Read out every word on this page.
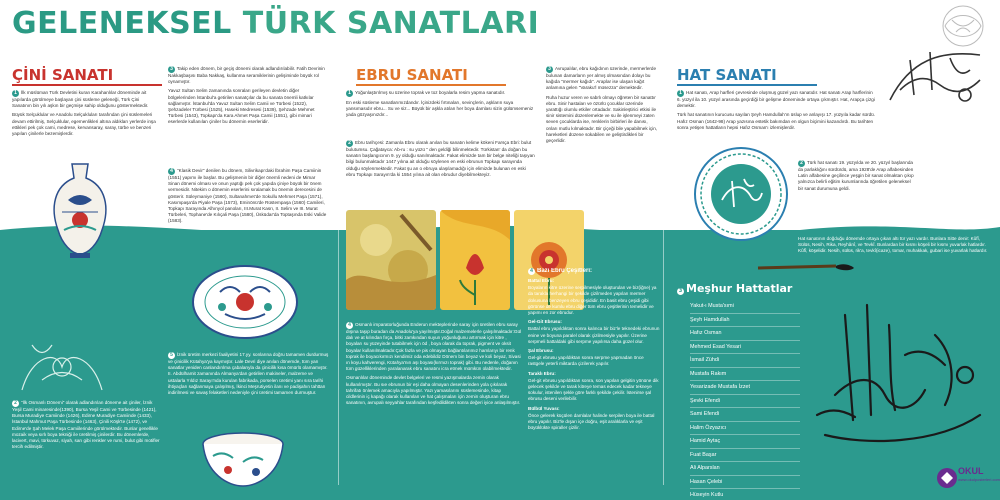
GELENEKSEL TÜRK SANATLARI
ÇİNİ SANATI

1 İlk müslüman Türk Devletini kuran Karahanlılar döneminde ait yapılarda görülmeye başlayan çini süsleme geleneği, Türk Çini Sanatının bin yılı aşkın bir geçmişe sahip olduğunu göstermektedir.

Büyük Selçuklular ve Anadolu Selçukluları tarafından çini süslemeleri devam ettirilmiş, Selçuklular, egemenlikleri altına aldıkları yerlerde inşa ettikleri pek çok cami, medrese, kervansaray, saray, türbe ve benzeri yapıları çinilerle bezemişlerdir.

2 "İlk Osmanlı Dönemi" olarak adlandırılan döneme ait çiniler, İznik Yeşil Cami minaresinde(1390), Bursa Yeşil Cami ve Türbesinde (1421), Bursa Muradiye Camiinde (1426), Edirne Muradiye Camiinde (1433), İstanbul Mahmut Paşa Türbesinde (1463), Çinili Köşk'te (1472), ve Edirne'de Şah Melek Paşa Camiilerinde görülmektedir. Bunlar genellikle mozaik veya sırlı boya tekniği ile üretilmiş çinilerdir. Bu dönemlerde, lacivert, mavi, türkuvaz, siyah, sarı gibi renkler ve rumi, bulut gibi motifler tercih edilmiştir.

3 Takip eden dönem, bir geçiş dönemi olarak adlandırılabilir. Fatih Devrinin Nakkaşbaşısı Baba Nakkaş, kullanma seramiklerinin gelişiminde büyük rol oynamıştır.

Yavuz Sultan Selim zamanında sonraları gerileyen devletin diğer bölgelerinden İstanbul'a getirilen sanatçılar da bu sanata önemli katkılar sağlamıştır. İstanbul'da Yavuz Sultan Selim Camii ve Türbesi (1522), Şehzadeler Türbesi (1525), Haseki Medresesi (1539), Şehzade Mehmet Türbesi (1543), Topkapı'da Kara Ahmet Paşa Camii (1551), gibi mimari eserlerde kullanılan çiniler bu dönemin eserleridir.

4 "Klasik Devir" denilen bu dönem, Silivrikapı'daki İbrahim Paşa Camiinin (1551) yapımı ile başlar. Bu gelişmenin bir diğer önemli nedeni de Mimar Sinan dönemi olması ve onun yaptığı pek çok yapıda çiniye büyük bir önem vermesidir. Nitekim o dönemin eserlerini sıralamak bu önemin derecesini de gösterir. Süleymaniye (1560), Sultanahmet'de Sokullu Mehmet Paşa (1571), Kasımpaşa'da Piyale Paşa (1573), Eminönü'de Rüstempaşa (1560) Camileri, Topkapı Sarayında Alhınyol panoları, III.Murat Kasrı, II. Selim ve III. Murat Türbeleri, Tophane'de Kılıçali Paşa (1580), Üsküdar'da Toptaşında Eski Valide (1583).

5 İznik üretim merkezi faaliyetini 17.yy. sonlarına doğru tamamen durdurmuş ve çinicilik Kütahya'ya kaymıştır. Lale Devri diye anılan dönemde, tüm yan sanatlar yeniden canlandırılma çabalarıyla da çinicilik kısa ömürlü olamamıştır. II. Abdülhamit zamanında Almanya'dan getirilen makineler, malzeme ve ustalarla Yıldız Sarayı'nda kurulan fabrikada, porselen üretimi yanı sıra tarihi ihtiyaçları sağlanmaya çalışılmış, İkinci Meşrutiyetin ilanı ve padişahın tahttan indirilmesi ve savaş felaketleri nedeniyle çini üretimi tamamen durmuştur.

EBRU SANATI

1 Yoğunlaştırılmış su üzerine toprak ve toz boyalarla resim yapma sanatıdır.

En eski süsleme sanatlarımızdandır. İçinizdeki fırtınaları, sevinçlerin, aşkların suya yansımasıdır ebru... Su ve siz... Büyük bir aşkla atılan her boya damlası sizin gülümsemeniz yada gözyaşınızdır...

2 Ebru tarihçesi: Zamanla Ebru olarak anılan bu sanatın kelime kökeni Farsça Ebri: bulut bulutumsu. Çağatayca: Ab-ru : su yüzü " den geldiği bilinmektedir. Türkistan' da doğan bu sanatın başlangıcının 9. yy olduğu sanılmaktadır. Fakat elimizde tam bir belge niteliği taşıyan bilgi bulunmaktadır 1447 yılına ait olduğu söylenen en eski ebrunun Topkapı sarayında olduğu söylenmektedir. Fakat şu an o ebruya ulaşılamadığı için elimizde bulunan en eski ebru Topkapı Sarayın'da ki 1554 yılına ait olan ebrudur diyebilmekteyiz.

3 Avrupalılar, ebru kağıdının üzerinde, mermerlerde bulunan damarların yer almış olmasından dolayı bu kağıda "mermer kağıdı". Araplar ise ulaşan kağıt anlamına gelen "Varaku'l müsezza" demektedir.

Ruha huzur veren ve sabrlı olmayı öğreten bir sanattır ebru. Sinir hastaları ve özürlü çocuklar üzerinde yarattığı olumlu etkiler ortadadır. Sakinleştirici etkisi ile sinir sistemini düzenlemekte ve su ile işlenmeyi zaten seven çocuklarda ise, renklerin birbirleri ile danısı, onları mutlu kılmaktadır. Bir çiçeği bile yapabilmek için, hareketleri düzene sokabilen ve geliştirdikleri bir geçerlidir.

4 Osmanlı imparatorluğunda Enderun mekteplerinde saray için üretilen ebru saray dışına taşıp buradan da Anadolu'ya yayılmıştır.Doğal malzemelerle çalışılmaktadır:Gül dalı ve at kılından fırça, bitki zamkından suyun yoğunluğunu artırmak için kitre , boyaları su yüzeyinde tutabilmek için öd , boya olarak da toprak, pigment ve oksit boyalar kullanılmaktadır.Çok fazla ve pis olmayan bağlantılarımız hamlarıyı bir renk toprak ile boyacıkırmızı kendimiz oda edebildiz Dönem bin beyaz ve koli beyaz, Sivasi ın koyu kahverengi, Kütahya'nın aşı boyası(kırmızı toprak) gibi. Bu nedenle, doğanın tüm güzelliklerinden yaralanarak ebru sanatını icra etmek mümkün olabilmektedir.

Osmanlılar döneminde devlet belgeleri ve resmi yazışmalarda zemin olarak kullanılmıştır. Bu sıe ebrunun bir eşi daha olmayan desenlerinden yola çıkılarak tahrifatı önlemek amacıyla yapılmıştır. Yazı yamasılarını süslemesinde, kitap cildlerinin iç kapağı olarak kullanılan ve hat çalışmaları için zemin oluşturan ebru sanatının, avrupalı seyyahlar tarafından keşfedildikten sonra değeri iyice anlaşılmıştır.

4 Bazı Ebru Çeşitleri:

Battal Ebru:
Boyaların kitre üzerine serpilmesiyle oluşturulan ve biz(iğne) ya da tarakla herhangi bir şekilde çizilmeden yapılan mermer dokusuna benzeyen ebru çeşididir. En basit ebru çeşidi gibi görünse de kumlu ebru diğer tüm ebru çeşitlerinin temelidir ve yapımı en zor ebrudur.

Gel-Git Ebrusu:
Battal ebru yapıldıktan sonra kalınca bir biz'le teknedeki ebrunun enine ve boyuna paralel olarak çizilmesiyle yapılır. Üzerine serpmeli battaldaki gibi serpme yapılırsa daha güzel olur.

Şal Ebrusu:
Gel-git ebrusu yapıldıktan sonra serpme yapmadan önce rastgele yeterli miktarda çizilerek yapılır.

Taraklı Ebru:
Gel-git ebrusu yapıldıktan sonra, son yapılan gelgitin yönüne dik gelecek şekilde ve tarak kitreye temas edecek kadar tekneye sokulur, istenilen şekle göre farklı şekilde çekilir. İstenirse şal ebrusu deseni verilebilir.

Bülbül Yuvası:
Önce gelerek küçülen damlalar halinde serpilen boya ile battal ebru yapılır. Biz'le dışarı içe doğru, eşit aralıklarla ve eşit büyüklükte spiraller çizilir.

HAT SANATI

1 Hat sanatı, Arap harfleri çevresinde oluşmuş güzel yazı sanatıdır. Hat sanatı Arap harflerinin 6. yüzyıl ila 10. yüzyıl arasında geçirdiği bir gelişme döneminde ortaya çıkmıştır. Hat, Arapça çizgi demektir.

Türk hat sanatının kurucusu sayılan Şeyh Hamdullah'ın üslup ve anlayışı 17. yüzyıla kadar sürdü. Hafız Osman (1642-98) Arap yazısına estetik bakımdan en olgun biçimini kazandırdı. Bu tarihten sonra yetişen hattatların hepsi Hafız Osman'ı izlemişlerdir.

2 Türk hat sanatı 19. yüzyılda ve 20. yüzyıl başlarında da parlaklığını sürdürdü, ama 1928'de Arap alfabesinden Latin alfabesine geçilince yeşgin bir sanat olmaktan çıkıp yalnızca belirli eğitim kurumlarında öğretilen geleneksel bir sanat durumuna geldi.

Hat sanatının doğduğu dönemde ortaya çıkan altı tür yazı vardır. Bunlara Sitte denir: Kûfî, Sülüs, Nesih, Rika, Reyhânî, ve Tevkî. Bunlardan bir kısmı köşeli bir kısmı yuvarlak hatlardır. Kûfî, köşelidir. Nesih, sülüs, rik'a, tevkî(icaze), tomar, muhakkak, gubari ise yuvarlak hatlardır.

3 Meşhur Hattatlar
Yakut-ı Musta'sımi
Şeyh Hamdullah
Hafız Osman
Mehmed Esad Yesari
İsmail Zühdi
Mustafa Rakım
Yesarizade Mustafa İzzet
Şevki Efendi
Sami Efendi
Halim Özyazıcı
Hamid Aytaç
Fuat Başar
Ali Alparslan
Hasan Çelebi
Hüseyin Kutlu
OKUL
www.okulposterleri.com
